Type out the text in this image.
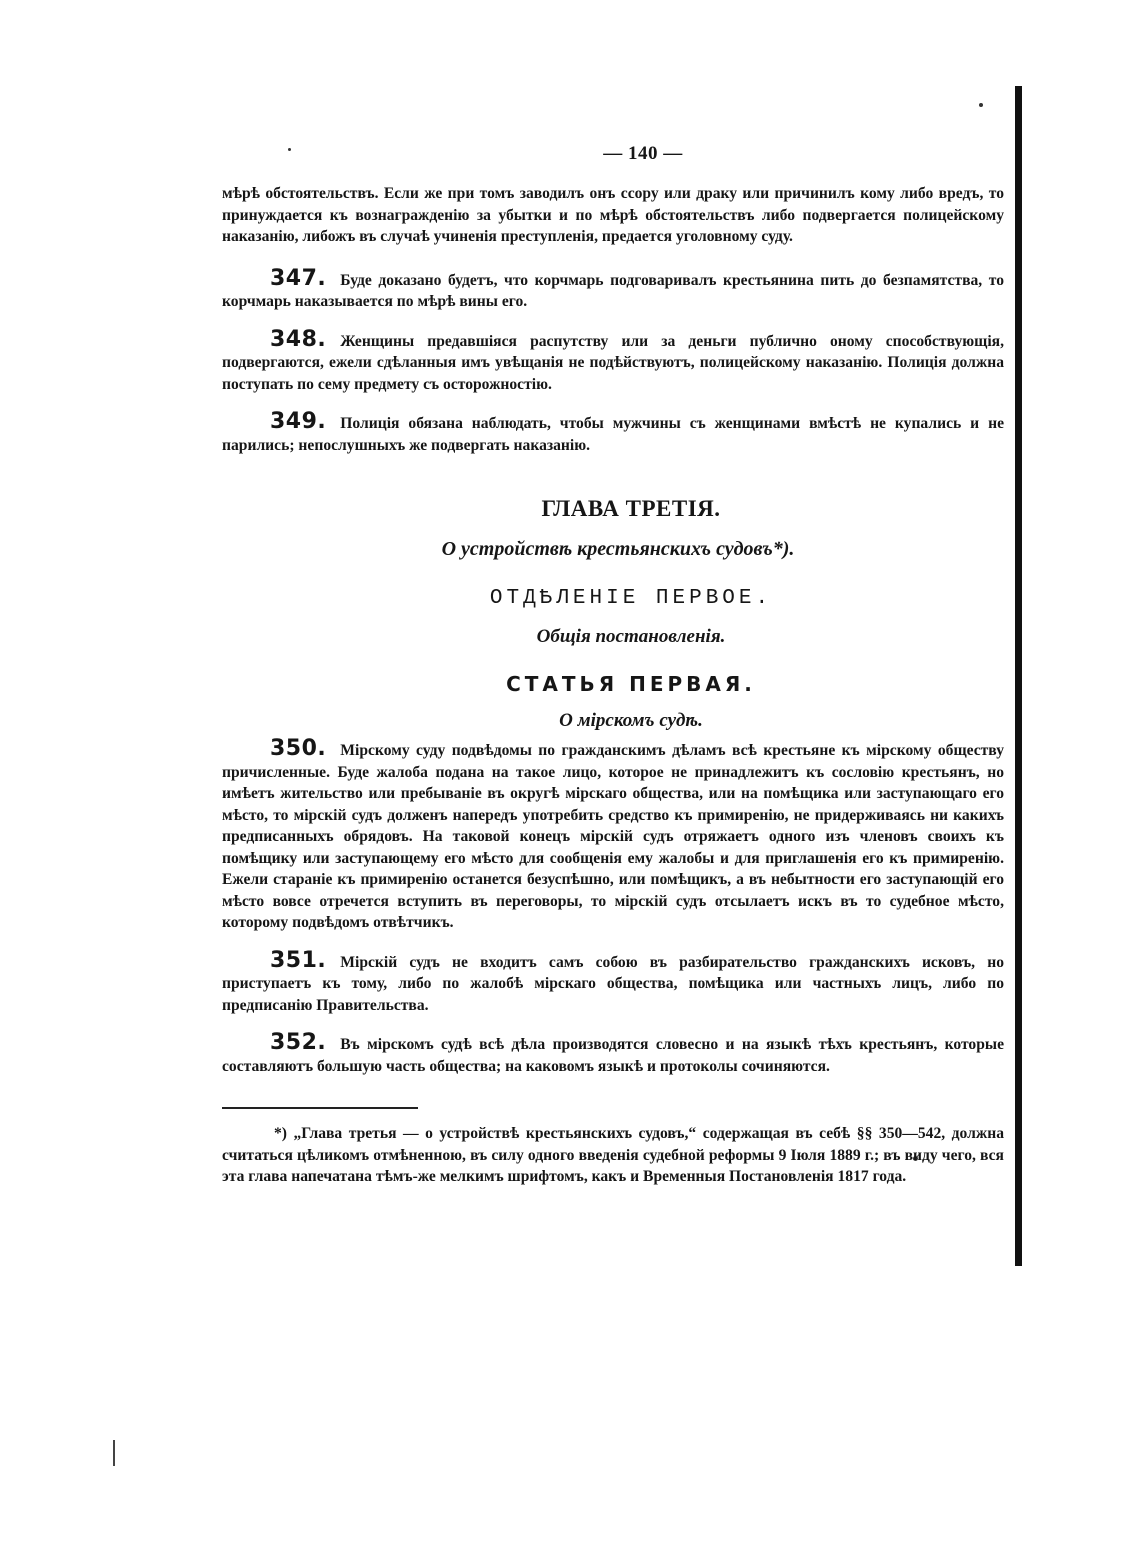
— 140 —

мѣрѣ обстоятельствъ. Если же при томъ заводилъ онъ ссору или драку или причинилъ кому либо вредъ, то принуждается къ вознагражденію за убытки и по мѣрѣ обстоятельствъ либо подвергается полицейскому наказанію, либожъ въ случаѣ учиненія преступленія, предается уголовному суду.

347. Буде доказано будетъ, что корчмарь подговаривалъ крестьянина пить до безпамятства, то корчмарь наказывается по мѣрѣ вины его.

348. Женщины предавшіяся распутству или за деньги публично оному способствующія, подвергаются, ежели сдѣланныя имъ увѣщанія не подѣйствуютъ, полицейскому наказанію. Полиція должна поступать по сему предмету съ осторожностію.

349. Полиція обязана наблюдать, чтобы мужчины съ женщинами вмѣстѣ не купались и не парились; непослушныхъ же подвергать наказанію.

ГЛАВА ТРЕТІЯ.
О устройствѣ крестьянскихъ судовъ*).
ОТДѢЛЕНІЕ ПЕРВОЕ.
Общія постановленія.
СТАТЬЯ ПЕРВАЯ.
О мірскомъ судѣ.

350. Мірскому суду подвѣдомы по гражданскимъ дѣламъ всѣ крестьяне къ мірскому обществу причисленные. Буде жалоба подана на такое лицо, которое не принадлежитъ къ сословію крестьянъ, но имѣетъ жительство или пребываніе въ округѣ мірскаго общества, или на помѣщика или заступающаго его мѣсто, то мірскій судъ долженъ напередъ употребить средство къ примиренію, не придерживаясь ни какихъ предписанныхъ обрядовъ. На таковой конецъ мірскій судъ отряжаетъ одного изъ членовъ своихъ къ помѣщику или заступающему его мѣсто для сообщенія ему жалобы и для приглашенія его къ примиренію. Ежели стараніе къ примиренію останется безуспѣшно, или помѣщикъ, а въ небытности его заступающій его мѣсто вовсе отречется вступить въ переговоры, то мірскій судъ отсылаетъ искъ въ то судебное мѣсто, которому подвѣдомъ отвѣтчикъ.

351. Мірскій судъ не входитъ самъ собою въ разбирательство гражданскихъ исковъ, но приступаетъ къ тому, либо по жалобѣ мірскаго общества, помѣщика или частныхъ лицъ, либо по предписанію Правительства.

352. Въ мірскомъ судѣ всѣ дѣла производятся словесно и на языкѣ тѣхъ крестьянъ, которые составляютъ большую часть общества; на каковомъ языкѣ и протоколы сочиняются.

*) „Глава третья — о устройствѣ крестьянскихъ судовъ,“ содержащая въ себѣ §§ 350—542, должна считаться цѣликомъ отмѣненною, въ силу одного введенія судебной реформы 9 Іюля 1889 г.; въ виду чего, вся эта глава напечатана тѣмъ-же мелкимъ шрифтомъ, какъ и Временныя Постановленія 1817 года.
